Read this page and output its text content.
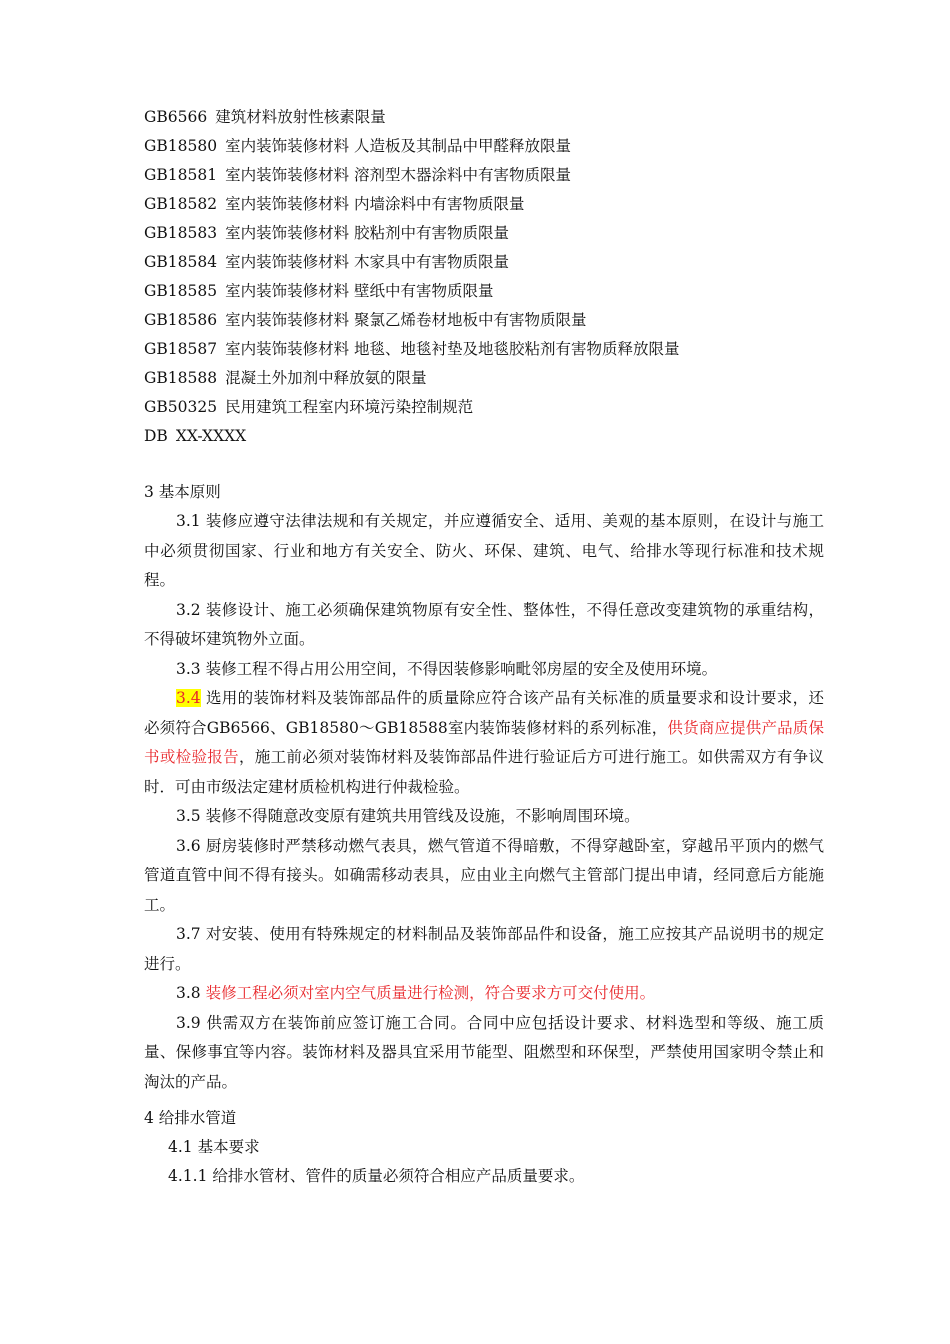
GB6566 建筑材料放射性核素限量
GB18580 室内装饰装修材料 人造板及其制品中甲醛释放限量
GB18581 室内装饰装修材料 溶剂型木器涂料中有害物质限量
GB18582 室内装饰装修材料 内墙涂料中有害物质限量
GB18583 室内装饰装修材料 胶粘剂中有害物质限量
GB18584 室内装饰装修材料 木家具中有害物质限量
GB18585 室内装饰装修材料 壁纸中有害物质限量
GB18586 室内装饰装修材料 聚氯乙烯卷材地板中有害物质限量
GB18587 室内装饰装修材料 地毯、地毯衬垫及地毯胶粘剂有害物质释放限量
GB18588 混凝土外加剂中释放氨的限量
GB50325 民用建筑工程室内环境污染控制规范
DB XX-XXXX
3 基本原则

3.1 装修应遵守法律法规和有关规定，并应遵循安全、适用、美观的基本原则，在设计与施工中必须贯彻国家、行业和地方有关安全、防火、环保、建筑、电气、给排水等现行标准和技术规程。

3.2 装修设计、施工必须确保建筑物原有安全性、整体性，不得任意改变建筑物的承重结构，不得破坏建筑物外立面。

3.3 装修工程不得占用公用空间，不得因装修影响毗邻房屋的安全及使用环境。

3.4 选用的装饰材料及装饰部品件的质量除应符合该产品有关标准的质量要求和设计要求，还必须符合GB6566、GB18580～GB18588室内装饰装修材料的系列标准，供货商应提供产品质保书或检验报告，施工前必须对装饰材料及装饰部品件进行验证后方可进行施工。如供需双方有争议时．可由市级法定建材质检机构进行仲裁检验。

3.5 装修不得随意改变原有建筑共用管线及设施，不影响周围环境。

3.6 厨房装修时严禁移动燃气表具，燃气管道不得暗敷，不得穿越卧室，穿越吊平顶内的燃气管道直管中间不得有接头。如确需移动表具，应由业主向燃气主管部门提出申请，经同意后方能施工。

3.7 对安装、使用有特殊规定的材料制品及装饰部品件和设备，施工应按其产品说明书的规定进行。

3.8 装修工程必须对室内空气质量进行检测，符合要求方可交付使用。

3.9 供需双方在装饰前应签订施工合同。合同中应包括设计要求、材料选型和等级、施工质量、保修事宜等内容。装饰材料及器具宜采用节能型、阻燃型和环保型，严禁使用国家明令禁止和淘汰的产品。

4 给排水管道
4.1 基本要求
4.1.1 给排水管材、管件的质量必须符合相应产品质量要求。
